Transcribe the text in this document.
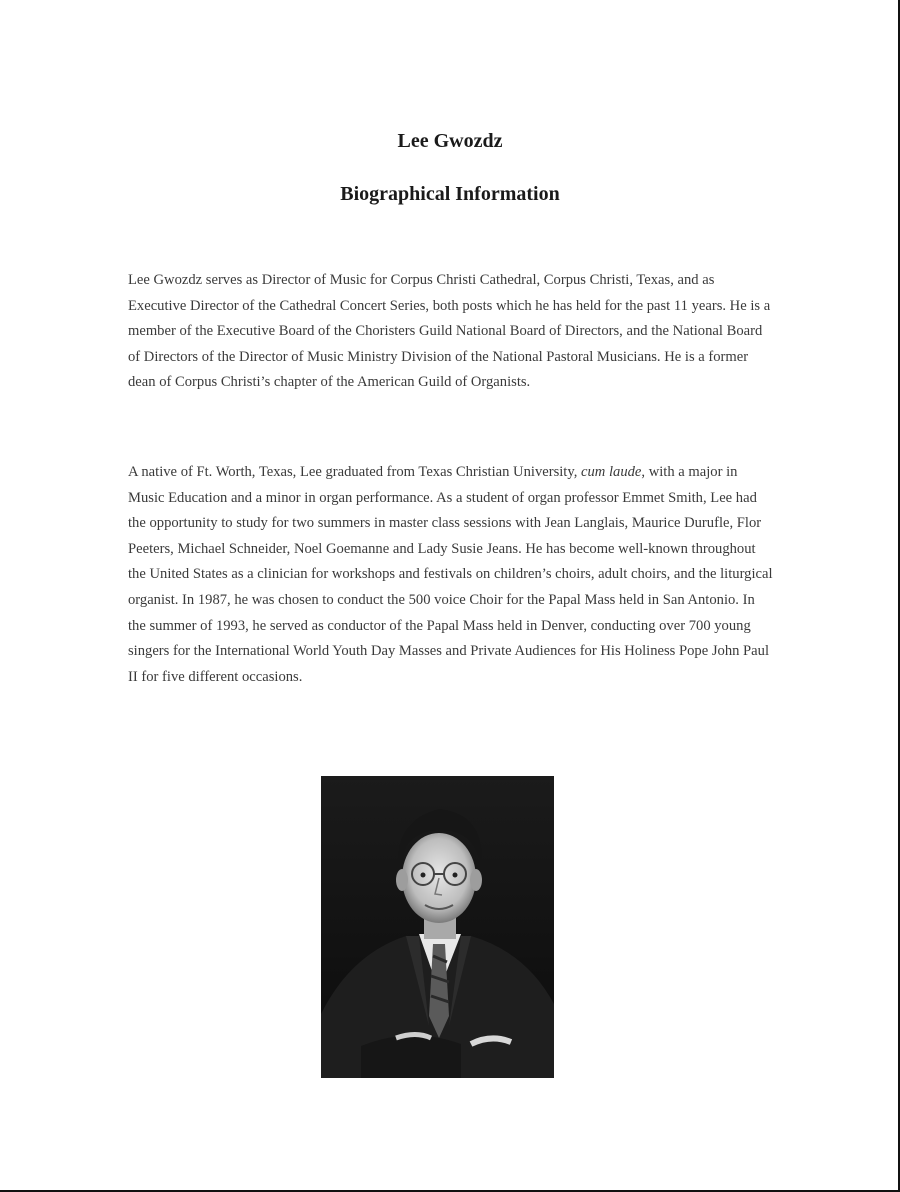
Lee Gwozdz
Biographical Information

Lee Gwozdz serves as Director of Music for Corpus Christi Cathedral, Corpus Christi, Texas, and as Executive Director of the Cathedral Concert Series, both posts which he has held for the past 11 years. He is a member of the Executive Board of the Choristers Guild National Board of Directors, and the National Board of Directors of the Director of Music Ministry Division of the National Pastoral Musicians. He is a former dean of Corpus Christi’s chapter of the American Guild of Organists.

A native of Ft. Worth, Texas, Lee graduated from Texas Christian University, cum laude, with a major in Music Education and a minor in organ performance. As a student of organ professor Emmet Smith, Lee had the opportunity to study for two summers in master class sessions with Jean Langlais, Maurice Durufle, Flor Peeters, Michael Schneider, Noel Goemanne and Lady Susie Jeans. He has become well-known throughout the United States as a clinician for workshops and festivals on children’s choirs, adult choirs, and the liturgical organist. In 1987, he was chosen to conduct the 500 voice Choir for the Papal Mass held in San Antonio. In the summer of 1993, he served as conductor of the Papal Mass held in Denver, conducting over 700 young singers for the International World Youth Day Masses and Private Audiences for His Holiness Pope John Paul II for five different occasions.
